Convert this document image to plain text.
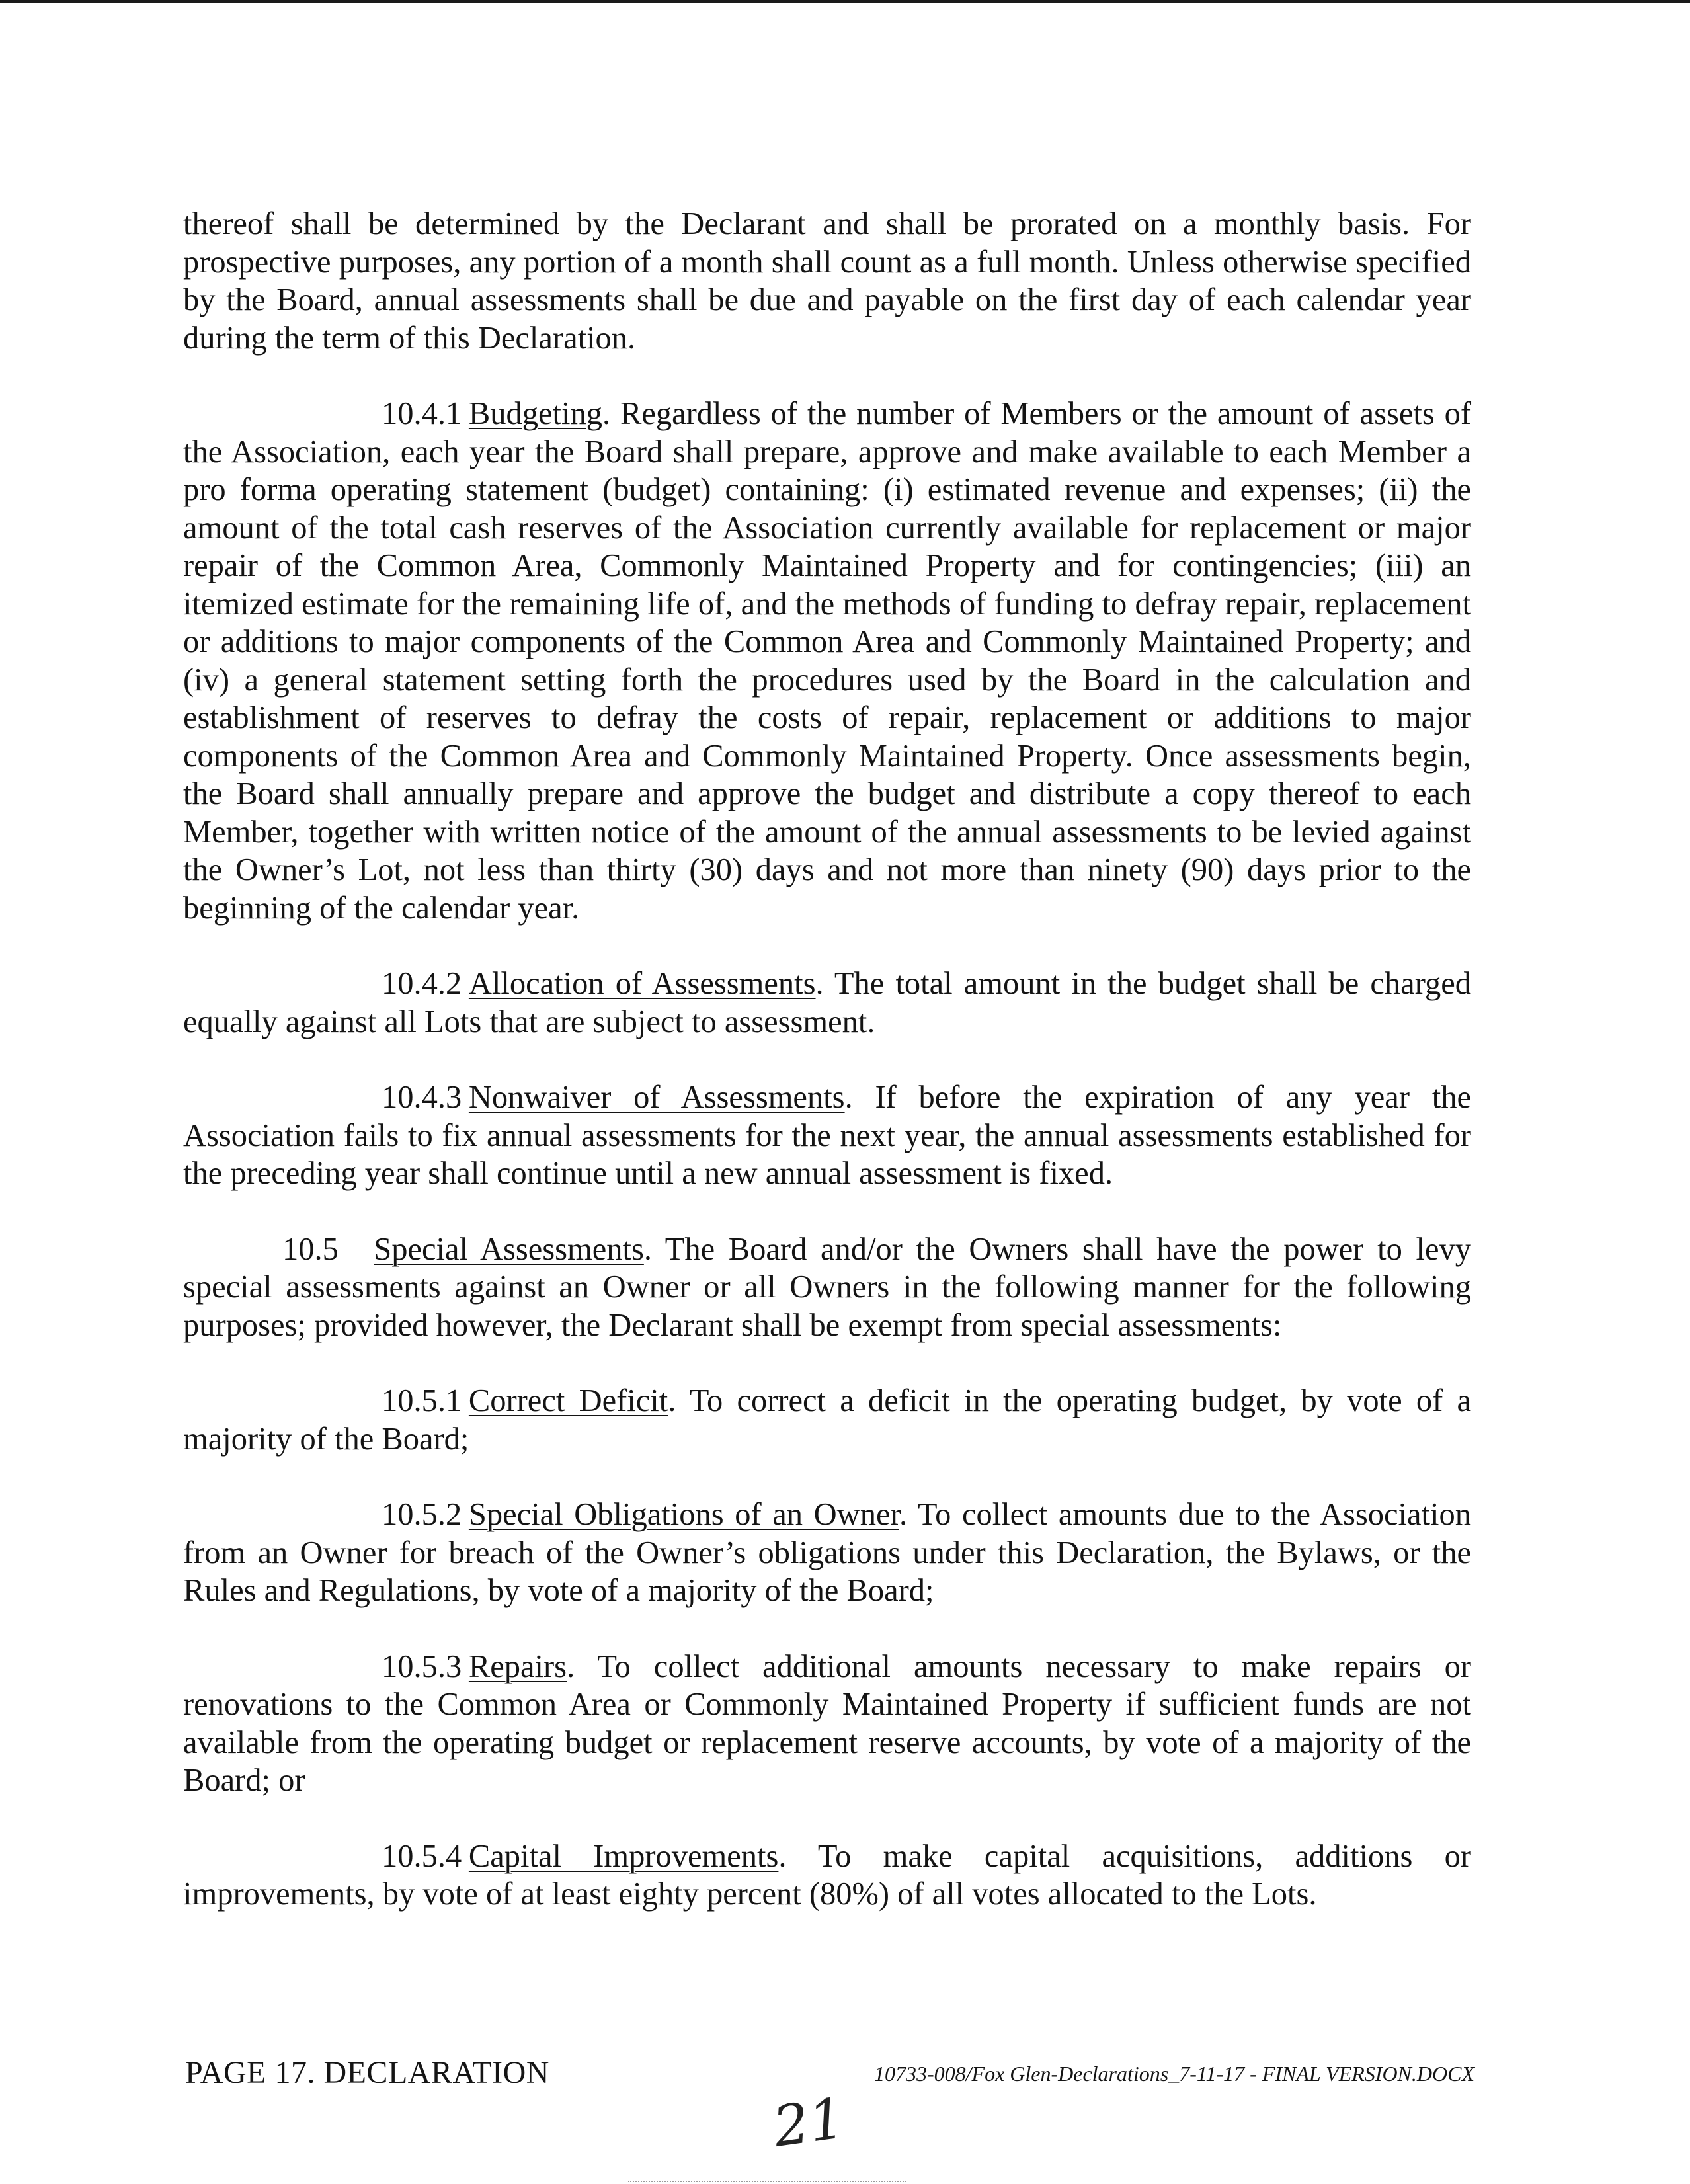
thereof shall be determined by the Declarant and shall be prorated on a monthly basis. For prospective purposes, any portion of a month shall count as a full month. Unless otherwise specified by the Board, annual assessments shall be due and payable on the first day of each calendar year during the term of this Declaration.

10.4.1 Budgeting. Regardless of the number of Members or the amount of assets of the Association, each year the Board shall prepare, approve and make available to each Member a pro forma operating statement (budget) containing: (i) estimated revenue and expenses; (ii) the amount of the total cash reserves of the Association currently available for replacement or major repair of the Common Area, Commonly Maintained Property and for contingencies; (iii) an itemized estimate for the remaining life of, and the methods of funding to defray repair, replacement or additions to major components of the Common Area and Commonly Maintained Property; and (iv) a general statement setting forth the procedures used by the Board in the calculation and establishment of reserves to defray the costs of repair, replacement or additions to major components of the Common Area and Commonly Maintained Property. Once assessments begin, the Board shall annually prepare and approve the budget and distribute a copy thereof to each Member, together with written notice of the amount of the annual assessments to be levied against the Owner’s Lot, not less than thirty (30) days and not more than ninety (90) days prior to the beginning of the calendar year.

10.4.2 Allocation of Assessments. The total amount in the budget shall be charged equally against all Lots that are subject to assessment.

10.4.3 Nonwaiver of Assessments. If before the expiration of any year the Association fails to fix annual assessments for the next year, the annual assessments established for the preceding year shall continue until a new annual assessment is fixed.

10.5 Special Assessments. The Board and/or the Owners shall have the power to levy special assessments against an Owner or all Owners in the following manner for the following purposes; provided however, the Declarant shall be exempt from special assessments:

10.5.1 Correct Deficit. To correct a deficit in the operating budget, by vote of a majority of the Board;

10.5.2 Special Obligations of an Owner. To collect amounts due to the Association from an Owner for breach of the Owner’s obligations under this Declaration, the Bylaws, or the Rules and Regulations, by vote of a majority of the Board;

10.5.3 Repairs. To collect additional amounts necessary to make repairs or renovations to the Common Area or Commonly Maintained Property if sufficient funds are not available from the operating budget or replacement reserve accounts, by vote of a majority of the Board; or

10.5.4 Capital Improvements. To make capital acquisitions, additions or improvements, by vote of at least eighty percent (80%) of all votes allocated to the Lots.

PAGE 17. DECLARATION	10733-008/Fox Glen-Declarations_7-11-17 - FINAL VERSION.DOCX
21
